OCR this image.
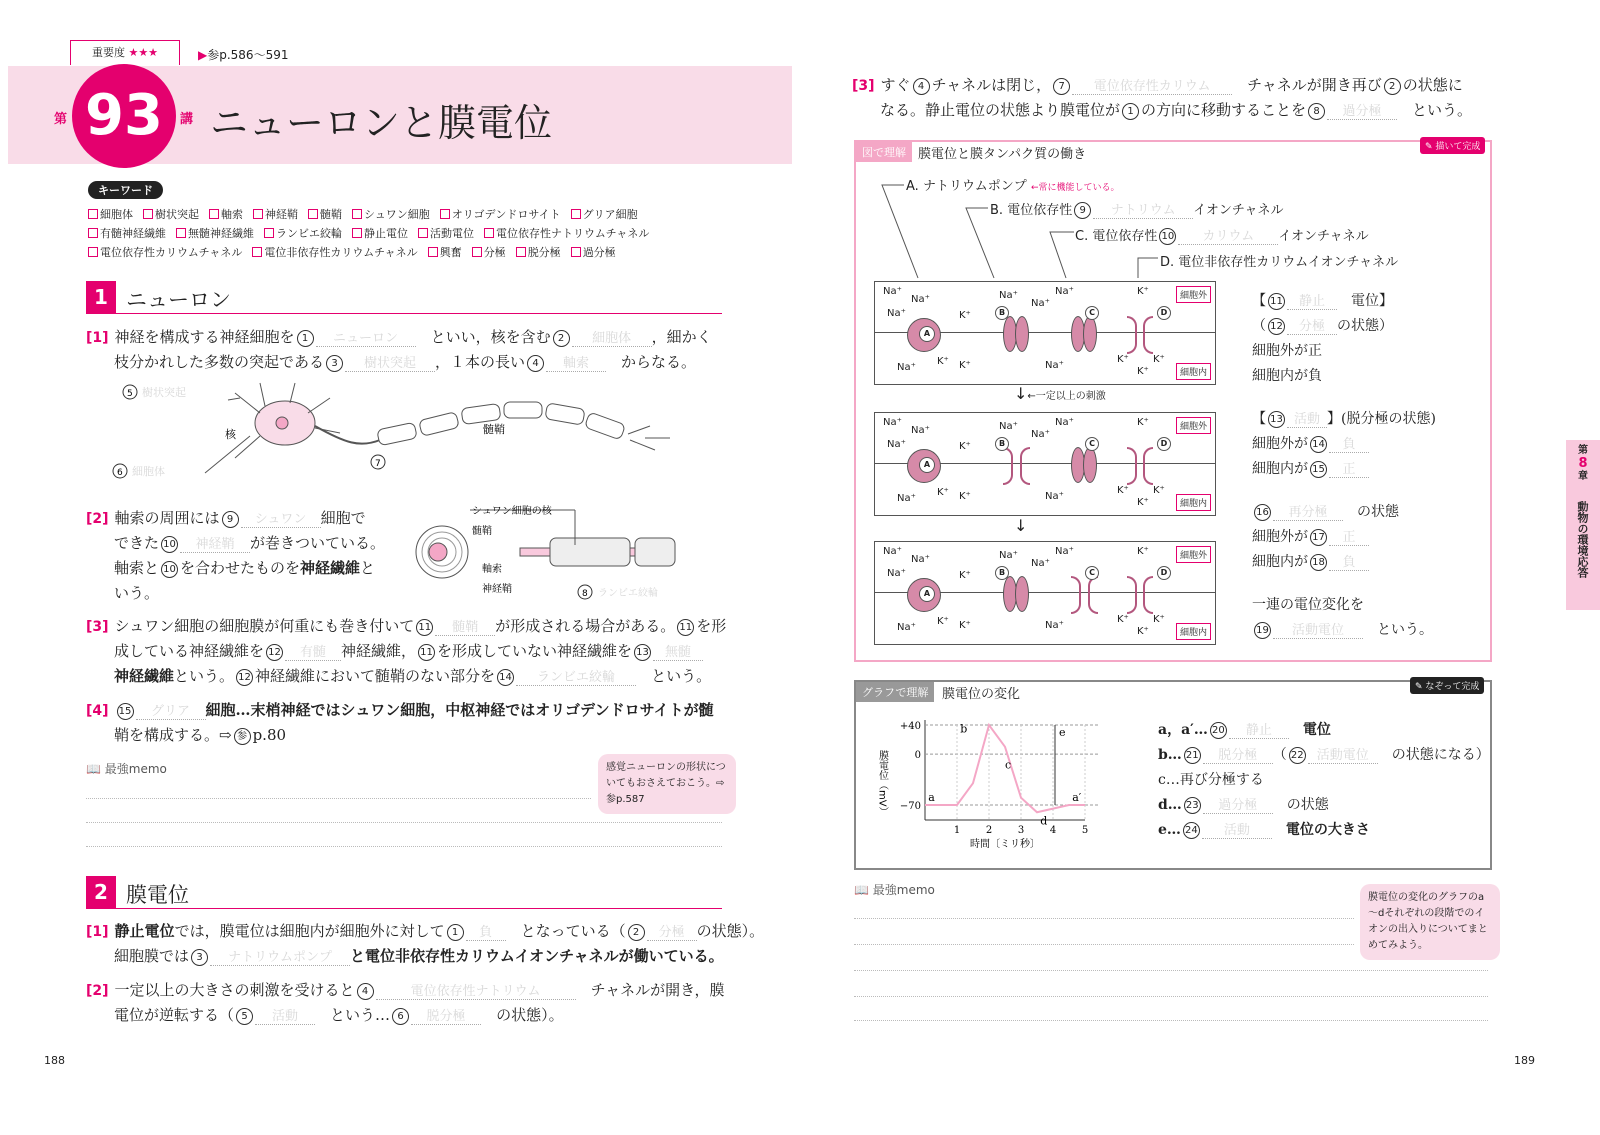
重要度 ★★★	▶参p.586～591
第 93	講 ニューロンと膜電位
キーワード
細胞体 樹状突起 軸索 神経鞘 髄鞘 シュワン細胞 オリゴデンドロサイト グリア細胞
有髄神経繊維 無髄神経繊維 ランビエ絞輪 静止電位 活動電位 電位依存性ナトリウムチャネル
電位依存性カリウムチャネル 電位非依存性カリウムチャネル 興奮 分極 脱分極 過分極
1 ニューロン
[1] 神経を構成する神経細胞を 1 ニューロン　 といい，核を含む 2 細胞体 ，細かく
枝分かれした多数の突起である 3 樹状突起 ，１本の長い 4 軸索　 からなる。
核	髄鞘
5 樹状突起
6 細胞体
7
[2] 軸索の周囲には 9 シュワン 細胞で
できた 10 神経鞘 が巻きついている。
軸索と 10 を合わせたものを神経繊維と
いう。
シュワン細胞の核
髄鞘
軸索
神経鞘	8 ランビエ絞輪
[3] シュワン細胞の細胞膜が何重にも巻き付いて 11 髄鞘 が形成される場合がある。 11 を形
成している神経繊維を 12 有髄 神経繊維， 11 を形成していない神経繊維を 13 無髄
神経繊維という。 12 神経繊維において髄鞘のない部分を 14 ランビエ絞輪　 という。
[4] 15 グリア 細胞…末梢神経ではシュワン細胞，中枢神経ではオリゴデンドロサイトが髄
鞘を構成する。⇨ 参 p.80
📖 最強memo	感覚ニューロンの形状についてもおさえておこう。⇨参p.587
2 膜電位
[1] 静止電位では，膜電位は細胞内が細胞外に対して 1 負　 となっている（ 2 分極 の状態）。
細胞膜では 3 ナトリウムポンプ と電位非依存性カリウムイオンチャネルが働いている。
[2] 一定以上の大きさの刺激を受けると 4	電位依存性ナトリウム　	チャネルが開き，膜
電位が逆転する（ 5 活動　 という… 6 脱分極　 の状態）。
188
[3] すぐ 4 チャネルは閉じ， 7 電位依存性カリウム　 チャネルが開き再び 2 の状態に
なる。静止電位の状態より膜電位が 1 の方向に移動することを 8 過分極　 という。
図で理解 膜電位と膜タンパク質の働き	✎ 描いて完成
A. ナトリウムポンプ ←常に機能している。
B. 電位依存性 9 ナトリウム イオンチャネル
C. 電位依存性 10 カリウム イオンチャネル
D. 電位非依存性カリウムイオンチャネル
A
B	C	D
細胞外
細胞内
Na⁺
Na⁺
Na⁺
Na⁺	Na⁺
Na⁺
K⁺
K⁺
Na⁺
K⁺ K⁺	Na⁺
K⁺ K⁺
K⁺
A
B	C	D
細胞外
細胞内
Na⁺
Na⁺
Na⁺
Na⁺	Na⁺
Na⁺
K⁺
K⁺
Na⁺
K⁺ K⁺	Na⁺
K⁺ K⁺
K⁺
A
B	C	D
細胞外
細胞内
Na⁺
Na⁺
Na⁺
Na⁺	Na⁺
Na⁺
K⁺
K⁺
Na⁺
K⁺ K⁺	Na⁺
K⁺ K⁺
K⁺
↓←一定以上の刺激
↓
【 11 静止　 電位】
（ 12 分極 の状態）
細胞外が正
細胞内が負
【 13 活動 】(脱分極の状態)
細胞外が 14 負
細胞内が 15 正
16 再分極　 の状態
細胞外が 17 正
細胞内が 18 負
一連の電位変化を
19 活動電位　 という。
グラフで理解	膜電位の変化	✎ なぞって完成
+40
0
−70
1	2	3	4	5
a
b
c
d
a′
e
膜電位（mV）
時間〔ミリ秒〕
a，a′… 20 静止　 電位
b… 21 脱分極 （ 22 活動電位　 の状態になる）
c…再び分極する
d… 23 過分極　 の状態
e… 24 活動　	電位の大きさ
📖 最強memo
膜電位の変化のグラフのa～dそれぞれの段階でのイオンの出入りについてまとめてみよう。
第
8
章
動物の環境応答
189
